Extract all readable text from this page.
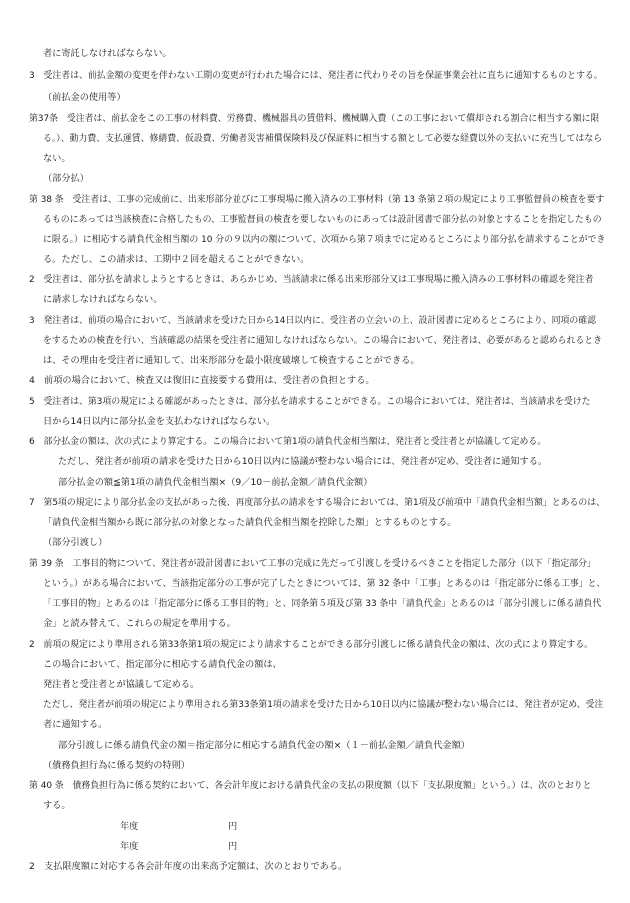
者に寄託しなければならない。
3　受注者は、前払金額の変更を伴わない工期の変更が行われた場合には、発注者に代わりその旨を保証事業会社に直ちに通知するものとする。
（前払金の使用等）
第37条　受注者は、前払金をこの工事の材料費、労務費、機械器具の賃借料、機械購入費（この工事において償却される割合に相当する額に限
る。）、動力費、支払運賃、修繕費、仮設費、労働者災害補償保険料及び保証料に相当する額として必要な経費以外の支払いに充当してはなら
ない。
（部分払）
第 38 条　受注者は、工事の完成前に、出来形部分並びに工事現場に搬入済みの工事材料（第 13 条第２項の規定により工事監督員の検査を要す
るものにあっては当該検査に合格したもの、工事監督員の検査を要しないものにあっては設計図書で部分払の対象とすることを指定したもの
に限る。）に相応する請負代金相当額の 10 分の９以内の額について、次項から第７項までに定めるところにより部分払を請求することができ
る。ただし、この請求は、工期中２回を超えることができない。
2　受注者は、部分払を請求しようとするときは、あらかじめ、当該請求に係る出来形部分又は工事現場に搬入済みの工事材料の確認を発注者
に請求しなければならない。
3　発注者は、前項の場合において、当該請求を受けた日から14日以内に、受注者の立会いの上、設計図書に定めるところにより、同項の確認
をするための検査を行い、当該確認の結果を受注者に通知しなければならない。この場合において、発注者は、必要があると認められるとき
は、その理由を受注者に通知して、出来形部分を最小限度破壊して検査することができる。
4　前項の場合において、検査又は復旧に直接要する費用は、受注者の負担とする。
5　受注者は、第3項の規定による確認があったときは、部分払を請求することができる。この場合においては、発注者は、当該請求を受けた
日から14日以内に部分払金を支払わなければならない。
6　部分払金の額は、次の式により算定する。この場合において第1項の請負代金相当額は、発注者と受注者とが協議して定める。
ただし、発注者が前項の請求を受けた日から10日以内に協議が整わない場合には、発注者が定め、受注者に通知する。
部分払金の額≦第1項の請負代金相当額×（9／10－前払金額／請負代金額）
7　第5項の規定により部分払金の支払があった後、再度部分払の請求をする場合においては、第1項及び前項中「請負代金相当額」とあるのは、
「請負代金相当額から既に部分払の対象となった請負代金相当額を控除した額」とするものとする。
（部分引渡し）
第 39 条　工事目的物について、発注者が設計図書において工事の完成に先だって引渡しを受けるべきことを指定した部分（以下「指定部分」
という。）がある場合において、当該指定部分の工事が完了したときについては、第 32 条中「工事」とあるのは「指定部分に係る工事」と、
「工事目的物」とあるのは「指定部分に係る工事目的物」と、同条第５項及び第 33 条中「請負代金」とあるのは「部分引渡しに係る請負代
金」と読み替えて、これらの規定を準用する。
2　前項の規定により準用される第33条第1項の規定により請求することができる部分引渡しに係る請負代金の額は、次の式により算定する。
この場合において、指定部分に相応する請負代金の額は、
発注者と受注者とが協議して定める。
ただし、発注者が前項の規定により準用される第33条第1項の請求を受けた日から10日以内に協議が整わない場合には、発注者が定め、受注
者に通知する。
部分引渡しに係る請負代金の額＝指定部分に相応する請負代金の額×（１－前払金額／請負代金額）
（債務負担行為に係る契約の特則）
第 40 条　債務負担行為に係る契約において、各会計年度における請負代金の支払の限度額（以下「支払限度額」という。）は、次のとおりと
する。
年度	円
年度	円
2　支払限度額に対応する各会計年度の出来高予定額は、次のとおりである。
